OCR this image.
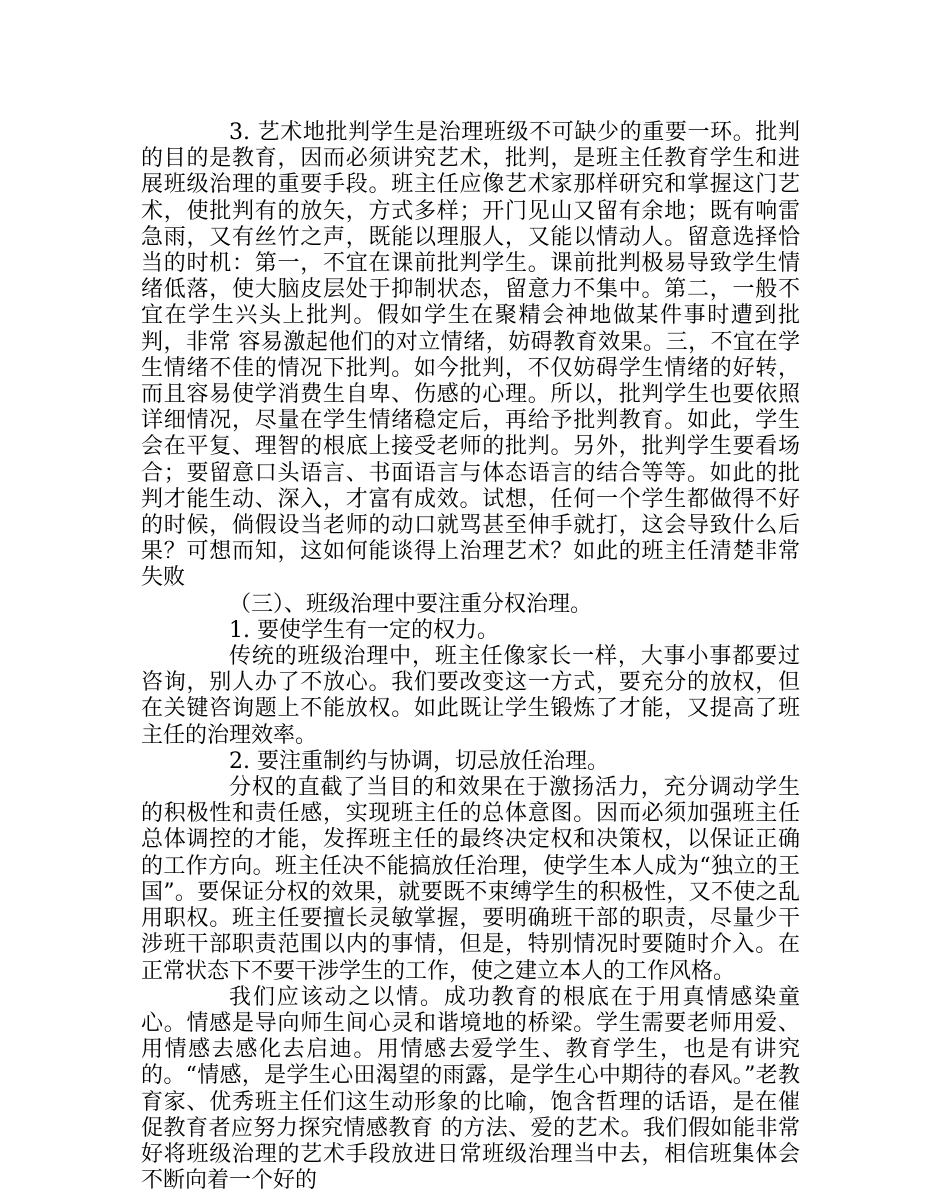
3. 艺术地批判学生是治理班级不可缺少的重要一环。批判的目的是教育，因而必须讲究艺术，批判，是班主任教育学生和进展班级治理的重要手段。班主任应像艺术家那样研究和掌握这门艺术，使批判有的放矢，方式多样；开门见山又留有余地；既有响雷急雨，又有丝竹之声，既能以理服人，又能以情动人。留意选择恰当的时机：第一，不宜在课前批判学生。课前批判极易导致学生情绪低落，使大脑皮层处于抑制状态，留意力不集中。第二，一般不宜在学生兴头上批判。假如学生在聚精会神地做某件事时遭到批判，非常 容易激起他们的对立情绪，妨碍教育效果。三，不宜在学生情绪不佳的情况下批判。如今批判，不仅妨碍学生情绪的好转，而且容易使学消费生自卑、伤感的心理。所以，批判学生也要依照详细情况，尽量在学生情绪稳定后，再给予批判教育。如此，学生会在平复、理智的根底上接受老师的批判。另外，批判学生要看场合；要留意口头语言、书面语言与体态语言的结合等等。如此的批判才能生动、深入，才富有成效。试想，任何一个学生都做得不好的时候，倘假设当老师的动口就骂甚至伸手就打，这会导致什么后果？可想而知，这如何能谈得上治理艺术？如此的班主任清楚非常失败

（三）、班级治理中要注重分权治理。

1. 要使学生有一定的权力。

传统的班级治理中，班主任像家长一样，大事小事都要过咨询，别人办了不放心。我们要改变这一方式，要充分的放权，但在关键咨询题上不能放权。如此既让学生锻炼了才能，又提高了班主任的治理效率。

2. 要注重制约与协调，切忌放任治理。

分权的直截了当目的和效果在于激扬活力，充分调动学生的积极性和责任感，实现班主任的总体意图。因而必须加强班主任总体调控的才能，发挥班主任的最终决定权和决策权，以保证正确的工作方向。班主任决不能搞放任治理，使学生本人成为“独立的王国”。要保证分权的效果，就要既不束缚学生的积极性，又不使之乱用职权。班主任要擅长灵敏掌握，要明确班干部的职责，尽量少干涉班干部职责范围以内的事情，但是，特别情况时要随时介入。在正常状态下不要干涉学生的工作，使之建立本人的工作风格。

我们应该动之以情。成功教育的根底在于用真情感染童心。情感是导向师生间心灵和谐境地的桥梁。学生需要老师用爱、用情感去感化去启迪。用情感去爱学生、教育学生，也是有讲究的。“情感，是学生心田渴望的雨露，是学生心中期待的春风。”老教育家、优秀班主任们这生动形象的比喻，饱含哲理的话语，是在催促教育者应努力探究情感教育 的方法、爱的艺术。我们假如能非常好将班级治理的艺术手段放进日常班级治理当中去，相信班集体会不断向着一个好的
